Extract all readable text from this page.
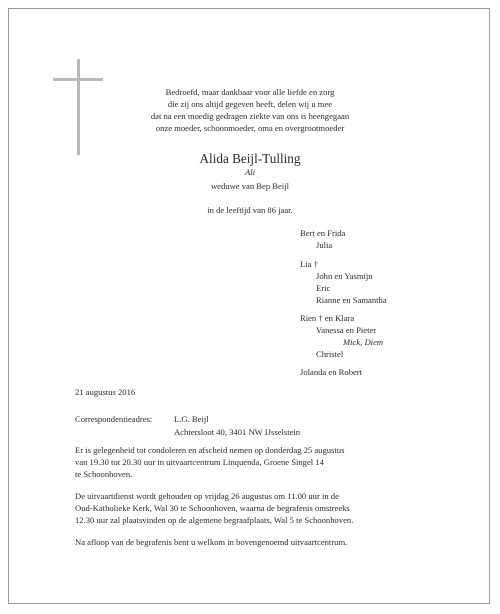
Bedroefd, maar dankbaar voor alle liefde en zorg
die zij ons altijd gegeven heeft, delen wij u mee
dat na een moedig gedragen ziekte van ons is heengegaan
onze moeder, schoonmoeder, oma en overgrootmoeder
Alida Beijl-Tulling
Ali
weduwe van Bep Beijl
in de leeftijd van 86 jaar.
Bert en Frida
Julia
Lia †
John en Yasmijn
Eric
Rianne en Samantha
Rien † en Klara
Vanessa en Pieter
Mick, Diem
Christel
Jolanda en Robert
21 augustus 2016
Correspondentieadres:	L.G. Beijl
Achtersloot 40, 3401 NW IJsselstein
Er is gelegenheid tot condoleren en afscheid nemen op donderdag 25 augustus
van 19.30 tot 20.30 uur in uitvaartcentrum Linquenda, Groene Singel 14
te Schoonhoven.
De uitvaartdienst wordt gehouden op vrijdag 26 augustus om 11.00 uur in de
Oud-Katholieke Kerk, Wal 30 te Schoonhoven, waarna de begrafenis omstreeks
12.30 uur zal plaatsvinden op de algemene begraafplaats, Wal 5 te Schoonhoven.
Na afloop van de begrafenis bent u welkom in bovengenoemd uitvaartcentrum.
